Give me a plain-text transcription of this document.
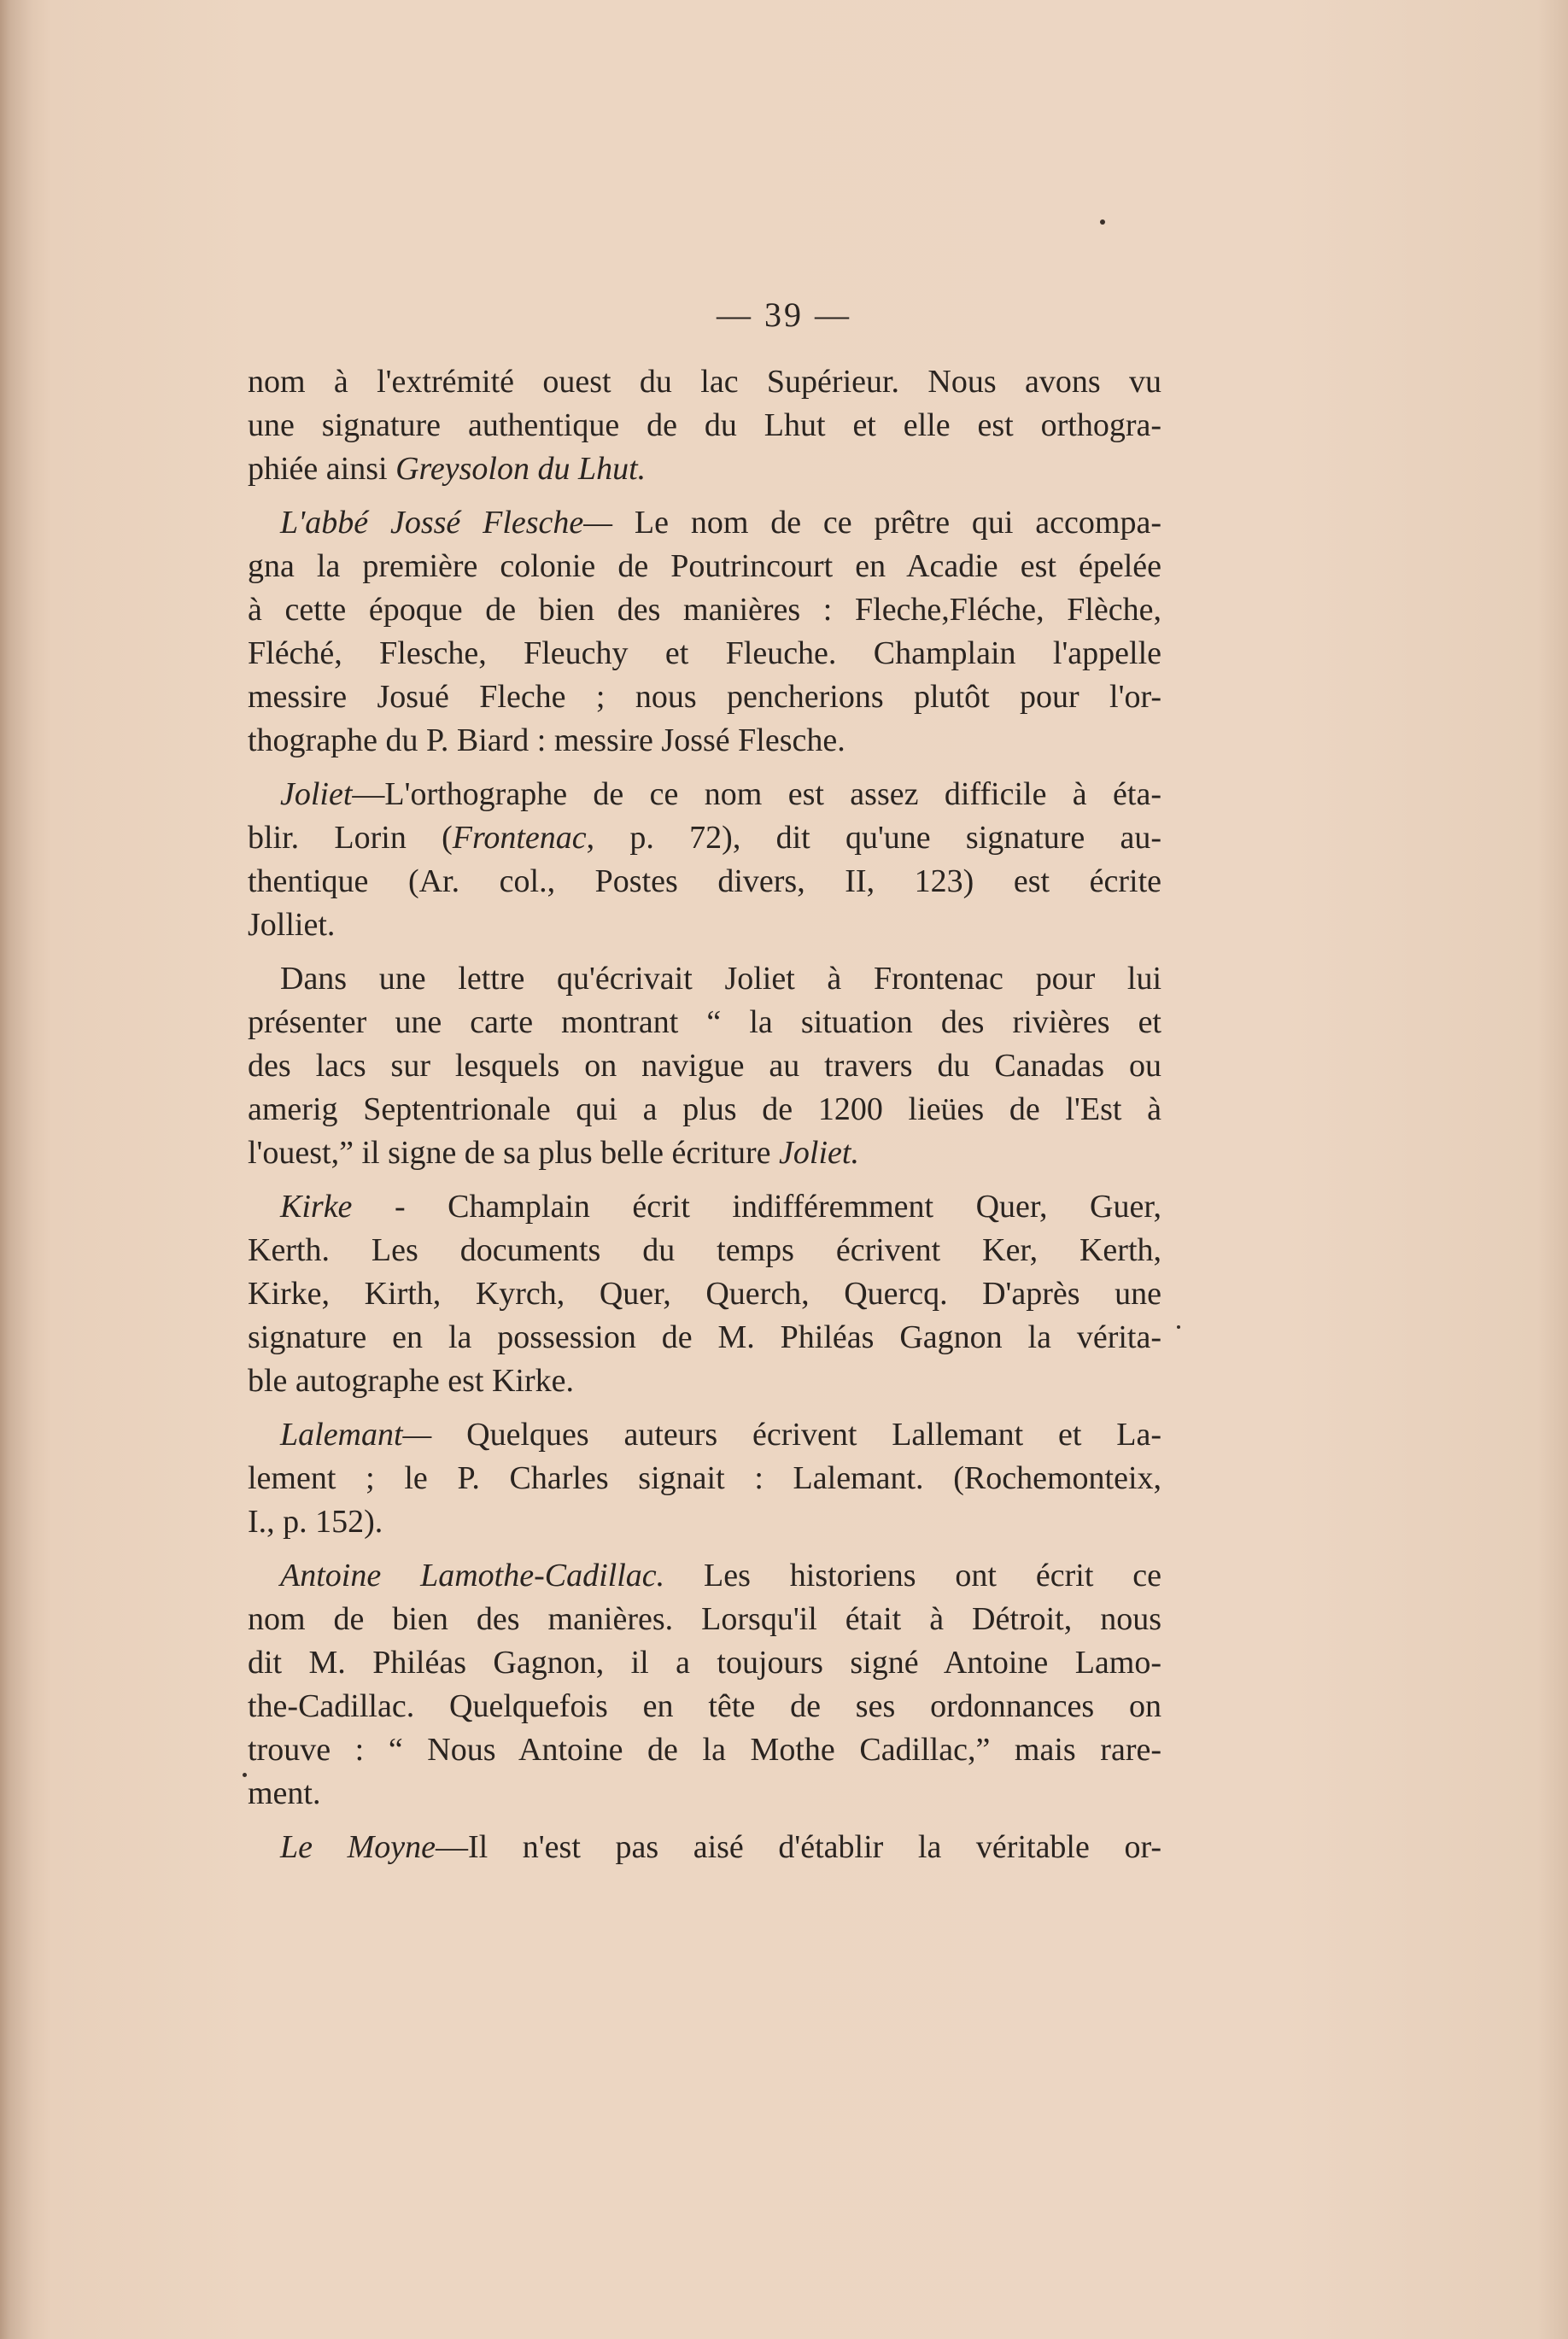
— 39 —
nom à l'extrémité ouest du lac Supérieur. Nous avons vu
une signature authentique de du Lhut et elle est orthogra-
phiée ainsi Greysolon du Lhut.
L'abbé Jossé Flesche— Le nom de ce prêtre qui accompa-
gna la première colonie de Poutrincourt en Acadie est épelée
à cette époque de bien des manières : Fleche,Fléche, Flèche,
Fléché, Flesche, Fleuchy et Fleuche. Champlain l'appelle
messire Josué Fleche ; nous pencherions plutôt pour l'or-
thographe du P. Biard : messire Jossé Flesche.
Joliet—L'orthographe de ce nom est assez difficile à éta-
blir. Lorin (Frontenac, p. 72), dit qu'une signature au-
thentique (Ar. col., Postes divers, II, 123) est écrite
Jolliet.
Dans une lettre qu'écrivait Joliet à Frontenac pour lui
présenter une carte montrant “ la situation des rivières et
des lacs sur lesquels on navigue au travers du Canadas ou
amerig Septentrionale qui a plus de 1200 lieües de l'Est à
l'ouest,” il signe de sa plus belle écriture Joliet.
Kirke - Champlain écrit indifféremment Quer, Guer,
Kerth. Les documents du temps écrivent Ker, Kerth,
Kirke, Kirth, Kyrch, Quer, Querch, Quercq. D'après une
signature en la possession de M. Philéas Gagnon la vérita-
ble autographe est Kirke.
Lalemant— Quelques auteurs écrivent Lallemant et La-
lement ; le P. Charles signait : Lalemant. (Rochemonteix,
I., p. 152).
Antoine Lamothe-Cadillac. Les historiens ont écrit ce
nom de bien des manières. Lorsqu'il était à Détroit, nous
dit M. Philéas Gagnon, il a toujours signé Antoine Lamo-
the-Cadillac. Quelquefois en tête de ses ordonnances on
trouve : “ Nous Antoine de la Mothe Cadillac,” mais rare-
ment.
Le Moyne—Il n'est pas aisé d'établir la véritable or-
